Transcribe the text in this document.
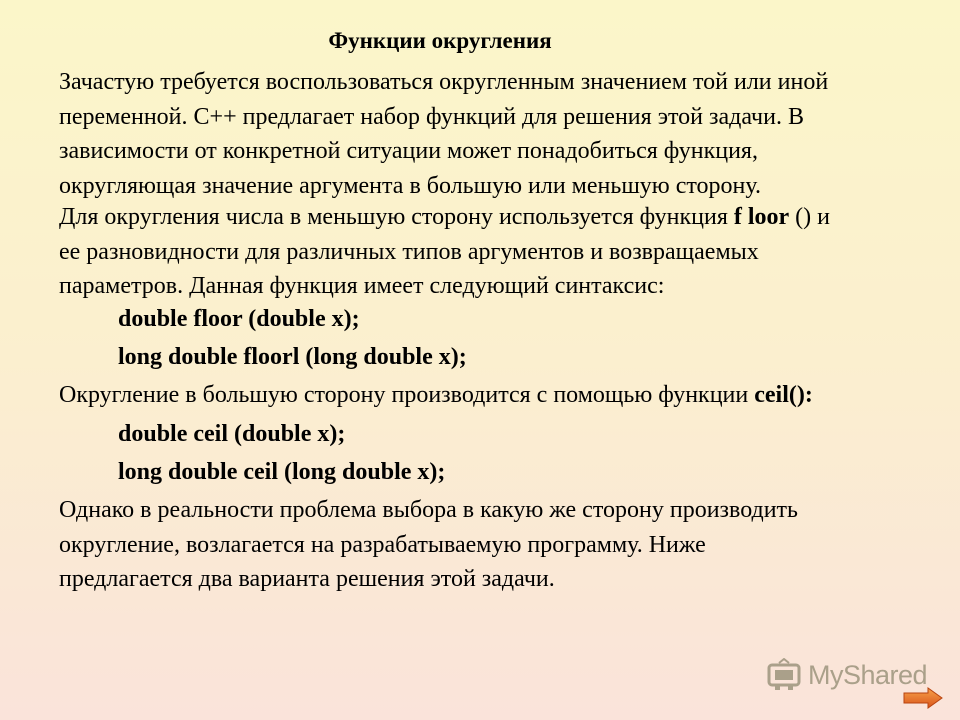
Функции округления
Зачастую требуется воспользоваться округленным значением той или иной
переменной. С++ предлагает набор функций для решения этой задачи. В
зависимости от конкретной ситуации может понадобиться функция,
округляющая значение аргумента в большую или меньшую сторону.
Для округления числа в меньшую сторону используется функция f loor () и
ее разновидности для различных типов аргументов и возвращаемых
параметров. Данная функция имеет следующий синтаксис:
double floor (double x);
long double floorl (long double x);
Округление в большую сторону производится с помощью функции ceil():
double ceil (double x);
long double ceil (long double x);
Однако в реальности проблема выбора в какую же сторону производить
округление, возлагается на разрабатываемую программу. Ниже
предлагается два варианта решения этой задачи.
MyShared
